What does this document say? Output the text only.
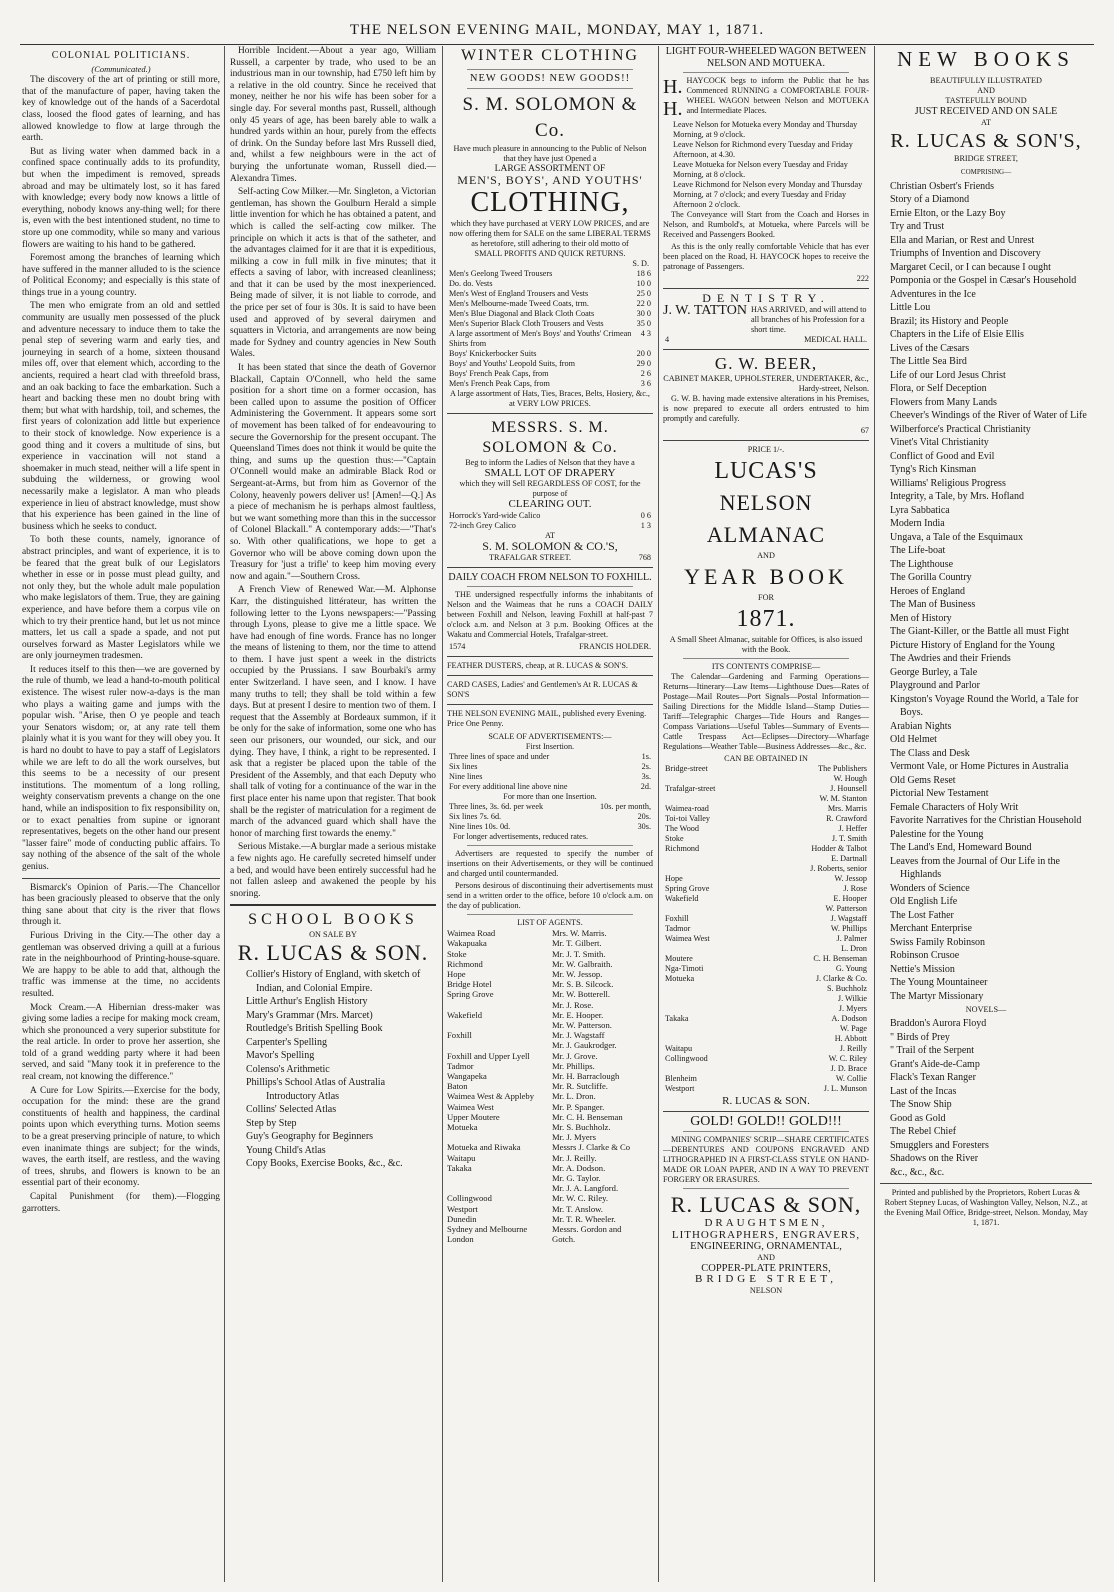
THE NELSON EVENING MAIL, MONDAY, MAY 1, 1871.
COLONIAL POLITICIANS.
(Communicated.)

The discovery of the art of printing or still more, that of the manufacture of paper, having taken the key of knowledge out of the hands of a Sacerdotal class, loosed the flood gates of learning, and has allowed knowledge to flow at large through the earth.

But as living water when dammed back in a confined space continually adds to its profundity, but when the impediment is removed, spreads abroad and may be ultimately lost, so it has fared with knowledge; every body now knows a little of everything, nobody knows any-thing well; for there is, even with the best intentioned student, no time to store up one commodity, while so many and various flowers are waiting to his hand to be gathered.

Foremost among the branches of learning which have suffered in the manner alluded to is the science of Political Economy; and especially is this state of things true in a young country.

The men who emigrate from an old and settled community are usually men possessed of the pluck and adventure necessary to induce them to take the penal step of severing warm and early ties, and journeying in search of a home, sixteen thousand miles off, over that element which, according to the ancients, required a heart clad with threefold brass, and an oak backing to face the embarkation. Such a heart and backing these men no doubt bring with them; but what with hardship, toil, and schemes, the first years of colonization add little but experience to their stock of knowledge. Now experience is a good thing and it covers a multitude of sins, but experience in vaccination will not stand a shoemaker in much stead, neither will a life spent in subduing the wilderness, or growing wool necessarily make a legislator. A man who pleads experience in lieu of abstract knowledge, must show that his experience has been gained in the line of business which he seeks to conduct.

To both these counts, namely, ignorance of abstract principles, and want of experience, it is to be feared that the great bulk of our Legislators whether in esse or in posse must plead guilty, and not only they, but the whole adult male population who make legislators of them. True, they are gaining experience, and have before them a corpus vile on which to try their prentice hand, but let us not mince matters, let us call a spade a spade, and not put ourselves forward as Master Legislators while we are only journeymen tradesmen.

It reduces itself to this then—we are governed by the rule of thumb, we lead a hand-to-mouth political existence. The wisest ruler now-a-days is the man who plays a waiting game and jumps with the popular wish. "Arise, then O ye people and teach your Senators wisdom; or, at any rate tell them plainly what it is you want for they will obey you. It is hard no doubt to have to pay a staff of Legislators while we are left to do all the work ourselves, but this seems to be a necessity of our present institutions. The momentum of a long rolling, weighty conservatism prevents a change on the one hand, while an indisposition to fix responsibility on, or to exact penalties from supine or ignorant representatives, begets on the other hand our present "lasser faire" mode of conducting public affairs. To say nothing of the absence of the salt of the whole genius.

Bismarck's Opinion of Paris.—The Chancellor has been graciously pleased to observe that the only thing sane about that city is the river that flows through it.

Furious Driving in the City.—The other day a gentleman was observed driving a quill at a furious rate in the neighbourhood of Printing-house-square. We are happy to be able to add that, although the traffic was immense at the time, no accidents resulted.

Mock Cream.—A Hibernian dress-maker was giving some ladies a recipe for making mock cream, which she pronounced a very superior substitute for the real article. In order to prove her assertion, she told of a grand wedding party where it had been served, and said "Many took it in preference to the real cream, not knowing the difference."

A Cure for Low Spirits.—Exercise for the body, occupation for the mind: these are the grand constituents of health and happiness, the cardinal points upon which everything turns. Motion seems to be a great preserving principle of nature, to which even inanimate things are subject; for the winds, waves, the earth itself, are restless, and the waving of trees, shrubs, and flowers is known to be an essential part of their economy.

Capital Punishment (for them).—Flogging garrotters.

Horrible Incident.—About a year ago, William Russell, a carpenter by trade, who used to be an industrious man in our township, had £750 left him by a relative in the old country. Since he received that money, neither he nor his wife has been sober for a single day. For several months past, Russell, although only 45 years of age, has been barely able to walk a hundred yards within an hour, purely from the effects of drink. On the Sunday before last Mrs Russell died, and, whilst a few neighbours were in the act of burying the unfortunate woman, Russell died.—Alexandra Times.

Self-acting Cow Milker.—Mr. Singleton, a Victorian gentleman, has shown the Goulburn Herald a simple little invention for which he has obtained a patent, and which is called the self-acting cow milker. The principle on which it acts is that of the satheter, and the advantages claimed for it are that it is expeditious, milking a cow in full milk in five minutes; that it effects a saving of labor, with increased cleanliness; and that it can be used by the most inexperienced. Being made of silver, it is not liable to corrode, and the price per set of four is 30s. It is said to have been used and approved of by several dairymen and squatters in Victoria, and arrangements are now being made for Sydney and country agencies in New South Wales.

It has been stated that since the death of Governor Blackall, Captain O'Connell, who held the same position for a short time on a former occasion, has been called upon to assume the position of Officer Administering the Government. It appears some sort of movement has been talked of for endeavouring to secure the Governorship for the present occupant. The Queensland Times does not think it would be quite the thing, and sums up the question thus:—"Captain O'Connell would make an admirable Black Rod or Sergeant-at-Arms, but from him as Governor of the Colony, heavenly powers deliver us! [Amen!—Q.] As a piece of mechanism he is perhaps almost faultless, but we want something more than this in the successor of Colonel Blackall." A contemporary adds:—"That's so. With other qualifications, we hope to get a Governor who will be above coming down upon the Treasury for 'just a trifle' to keep him moving every now and again."—Southern Cross.

A French View of Renewed War.—M. Alphonse Karr, the distinguished littérateur, has written the following letter to the Lyons newspapers:—"Passing through Lyons, please to give me a little space. We have had enough of fine words. France has no longer the means of listening to them, nor the time to attend to them. I have just spent a week in the districts occupied by the Prussians. I saw Bourbaki's army enter Switzerland. I have seen, and I know. I have many truths to tell; they shall be told within a few days. But at present I desire to mention two of them. I request that the Assembly at Bordeaux summon, if it be only for the sake of information, some one who has seen our prisoners, our wounded, our sick, and our dying. They have, I think, a right to be represented. I ask that a register be placed upon the table of the President of the Assembly, and that each Deputy who shall talk of voting for a continuance of the war in the first place enter his name upon that register. That book shall be the register of matriculation for a regiment de march of the advanced guard which shall have the honor of marching first towards the enemy."

Serious Mistake.—A burglar made a serious mistake a few nights ago. He carefully secreted himself under a bed, and would have been entirely successful had he not fallen asleep and awakened the people by his snoring.

SCHOOL BOOKS
ON SALE BY
R. LUCAS & SON.
Collier's History of England, with sketch of Indian, and Colonial Empire.
Little Arthur's English History
Mary's Grammar (Mrs. Marcet)
Routledge's British Spelling Book
Carpenter's Spelling
Mavor's Spelling
Colenso's Arithmetic
Phillips's School Atlas of Australia
Introductory Atlas
Collins' Selected Atlas
Step by Step
Guy's Geography for Beginners
Young Child's Atlas
Copy Books, Exercise Books, &c., &c.
WINTER CLOTHING
NEW GOODS! NEW GOODS!!
S. M. SOLOMON & Co.
Have much pleasure in announcing to the Public of Nelson that they have just Opened a
LARGE ASSORTMENT OF
MEN'S, BOYS', AND YOUTHS'
CLOTHING,
which they have purchased at VERY LOW PRICES, and are now offering them for SALE on the same LIBERAL TERMS as heretofore, still adhering to their old motto of
SMALL PROFITS AND QUICK RETURNS.
S. D.
Men's Geelong Tweed Trousers	18 6
Do. do. Vests	10 0
Men's West of England Trousers and Vests	25 0
Men's Melbourne-made Tweed Coats, trm.	22 0
Men's Blue Diagonal and Black Cloth Coats	30 0
Men's Superior Black Cloth Trousers and Vests	35 0
A large assortment of Men's Boys' and Youths' Crimean Shirts from
4 3
Boys' Knickerbocker Suits	20 0
Boys' and Youths' Leopold Suits, from	29 0
Boys' French Peak Caps, from	2 6
Men's French Peak Caps, from	3 6
A large assortment of Hats, Ties, Braces, Belts, Hosiery, &c., at VERY LOW PRICES.
MESSRS. S. M. SOLOMON & Co.
Beg to inform the Ladies of Nelson that they have a
SMALL LOT OF DRAPERY
which they will Sell REGARDLESS OF COST, for the purpose of
CLEARING OUT.
Horrock's Yard-wide Calico	0 6
72-inch Grey Calico	1 3
AT
S. M. SOLOMON & CO.'S,
TRAFALGAR STREET.	768
DAILY COACH FROM NELSON TO FOXHILL.

THE undersigned respectfully informs the inhabitants of Nelson and the Waimeas that he runs a COACH DAILY between Foxhill and Nelson, leaving Foxhill at half-past 7 o'clock a.m. and Nelson at 3 p.m. Booking Offices at the Wakatu and Commercial Hotels, Trafalgar-street.

1574	FRANCIS HOLDER.
FEATHER DUSTERS, cheap, at R. LUCAS & SON'S.
CARD CASES, Ladies' and Gentlemen's At R. LUCAS & SON'S
THE NELSON EVENING MAIL, published every Evening. Price One Penny.
SCALE OF ADVERTISEMENTS:—
First Insertion.
Three lines of space and under	1s.
Six lines	2s.
Nine lines	3s.
For every additional line above nine	2d.
For more than one Insertion.
Three lines, 3s. 6d. per week	10s. per month,
Six lines 7s. 6d.	20s.
Nine lines 10s. 0d.	30s.
For longer advertisements, reduced rates.

Advertisers are requested to specify the number of insertions on their Advertisements, or they will be continued and charged until countermanded.

Persons desirous of discontinuing their advertisements must send in a written order to the office, before 10 o'clock a.m. on the day of publication.

LIST OF AGENTS.
Waimea Road	Mrs. W. Marris.
Wakapuaka	Mr. T. Gilbert.
Stoke	Mr. J. T. Smith.
Richmond	Mr. W. Galbraith.
Hope	Mr. W. Jessop.
Bridge Hotel	Mr. S. B. Silcock.
Spring Grove	Mr. W. Botterell.
Mr. J. Rose.
Wakefield	Mr. E. Hooper.
Mr. W. Patterson.
Foxhill	Mr. J. Wagstaff
Mr. J. Gaukrodger.
Foxhill and Upper Lyell	Mr. J. Grove.
Tadmor	Mr. Phillips.
Wangapeka	Mr. H. Barraclough
Baton	Mr. R. Sutcliffe.
Waimea West & Appleby	Mr. L. Dron.
Waimea West	Mr. P. Spanger.
Upper Moutere	Mr. C. H. Benseman
Motueka	Mr. S. Buchholz.
Mr. J. Myers
Motueka and Riwaka	Messrs J. Clarke & Co
Waitapu	Mr. J. Reilly.
Takaka	Mr. A. Dodson.
Mr. G. Taylor.
Mr. J. A. Langford.
Collingwood	Mr. W. C. Riley.
Westport	Mr. T. Anslow.
Dunedin	Mr. T. R. Wheeler.
Sydney and Melbourne	Messrs. Gordon and
London	Gotch.
LIGHT FOUR-WHEELED WAGON BETWEEN NELSON AND MOTUEKA.
H. H.

HAYCOCK begs to inform the Public that he has Commenced RUNNING a COMFORTABLE FOUR-WHEEL WAGON between Nelson and MOTUEKA and Intermediate Places.

Leave Nelson for Motueka every Monday and Thursday Morning, at 9 o'clock.
Leave Nelson for Richmond every Tuesday and Friday Afternoon, at 4.30.
Leave Motueka for Nelson every Tuesday and Friday Morning, at 8 o'clock.
Leave Richmond for Nelson every Monday and Thursday Morning, at 7 o'clock; and every Tuesday and Friday Afternoon 2 o'clock.

The Conveyance will Start from the Coach and Horses in Nelson, and Rumbold's, at Motueka, where Parcels will be Received and Passengers Booked.

As this is the only really comfortable Vehicle that has ever been placed on the Road, H. HAYCOCK hopes to receive the patronage of Passengers.

222
DENTISTRY.
J. W. TATTON HAS ARRIVED, and will attend to all branches of his Profession for a short time.
4	MEDICAL HALL.
G. W. BEER,
CABINET MAKER, UPHOLSTERER, UNDERTAKER, &c.,
Hardy-street, Nelson.

G. W. B. having made extensive alterations in his Premises, is now prepared to execute all orders entrusted to him promptly and carefully.

67
PRICE 1/-.
LUCAS'S
NELSON ALMANAC
AND
YEAR BOOK
FOR
1871.
A Small Sheet Almanac, suitable for Offices, is also issued with the Book.
ITS CONTENTS COMPRISE—

The Calendar—Gardening and Farming Operations—Returns—Itinerary—Law Items—Lighthouse Dues—Rates of Postage—Mail Routes—Port Signals—Postal Information—Sailing Directions for the Middle Island—Stamp Duties—Tariff—Telegraphic Charges—Tide Hours and Ranges—Compass Variations—Useful Tables—Summary of Events—Cattle Trespass Act—Eclipses—Directory—Wharfage Regulations—Weather Table—Business Addresses—&c., &c.

CAN BE OBTAINED IN
Bridge-street	The Publishers
W. Hough
Trafalgar-street	J. Hounsell
W. M. Stanton
Waimea-road	Mrs. Marris
Toi-toi Valley	R. Crawford
The Wood	J. Heffer
Stoke	J. T. Smith
Richmond	Hodder & Talbot
E. Dartnall
J. Roberts, senior
Hope	W. Jessop
Spring Grove	J. Rose
Wakefield	E. Hooper
W. Patterson
Foxhill	J. Wagstaff
Tadmor	W. Phillips
Waimea West	J. Palmer
L. Dron
Moutere	C. H. Benseman
Nga-Timoti	G. Young
Motueka	J. Clarke & Co.
S. Buchholz
J. Wilkie
J. Myers
Takaka	A. Dodson
W. Page
H. Abbott
Waitapu	J. Reilly
Collingwood	W. C. Riley
J. D. Brace
Blenheim	W. Collie
Westport	J. L. Munson
R. LUCAS & SON.
GOLD! GOLD!! GOLD!!!

MINING COMPANIES' SCRIP—SHARE CERTIFICATES—DEBENTURES AND COUPONS ENGRAVED AND LITHOGRAPHED IN A FIRST-CLASS STYLE ON HAND-MADE OR LOAN PAPER, AND IN A WAY TO PREVENT FORGERY OR ERASURES.

R. LUCAS & SON,
DRAUGHTSMEN,
LITHOGRAPHERS, ENGRAVERS,
ENGINEERING, ORNAMENTAL,
AND
COPPER-PLATE PRINTERS,
BRIDGE STREET,
NELSON
NEW BOOKS
BEAUTIFULLY ILLUSTRATED
AND
TASTEFULLY BOUND
JUST RECEIVED AND ON SALE
AT
R. LUCAS & SON'S,
BRIDGE STREET,
COMPRISING—
Christian Osbert's Friends
Story of a Diamond
Ernie Elton, or the Lazy Boy
Try and Trust
Ella and Marian, or Rest and Unrest
Triumphs of Invention and Discovery
Margaret Cecil, or I can because I ought
Pomponia or the Gospel in Cæsar's Household
Adventures in the Ice
Little Lou
Brazil; its History and People
Chapters in the Life of Elsie Ellis
Lives of the Cæsars
The Little Sea Bird
Life of our Lord Jesus Christ
Flora, or Self Deception
Flowers from Many Lands
Cheever's Windings of the River of Water of Life
Wilberforce's Practical Christianity
Vinet's Vital Christianity
Conflict of Good and Evil
Tyng's Rich Kinsman
Williams' Religious Progress
Integrity, a Tale, by Mrs. Hofland
Lyra Sabbatica
Modern India
Ungava, a Tale of the Esquimaux
The Life-boat
The Lighthouse
The Gorilla Country
Heroes of England
The Man of Business
Men of History
The Giant-Killer, or the Battle all must Fight
Picture History of England for the Young
The Awdries and their Friends
George Burley, a Tale
Playground and Parlor
Kingston's Voyage Round the World, a Tale for Boys.
Arabian Nights
Old Helmet
The Class and Desk
Vermont Vale, or Home Pictures in Australia
Old Gems Reset
Pictorial New Testament
Female Characters of Holy Writ
Favorite Narratives for the Christian Household
Palestine for the Young
The Land's End, Homeward Bound
Leaves from the Journal of Our Life in the Highlands
Wonders of Science
Old English Life
The Lost Father
Merchant Enterprise
Swiss Family Robinson
Robinson Crusoe
Nettie's Mission
The Young Mountaineer
The Martyr Missionary
NOVELS—
Braddon's Aurora Floyd
" Birds of Prey
" Trail of the Serpent
Grant's Aide-de-Camp
Flack's Texan Ranger
Last of the Incas
The Snow Ship
Good as Gold
The Rebel Chief
Smugglers and Foresters
Shadows on the River
&c., &c., &c.
Printed and published by the Proprietors, Robert Lucas & Robert Stepney Lucas, of Washington Valley, Nelson, N.Z., at the Evening Mail Office, Bridge-street, Nelson. Monday, May 1, 1871.
